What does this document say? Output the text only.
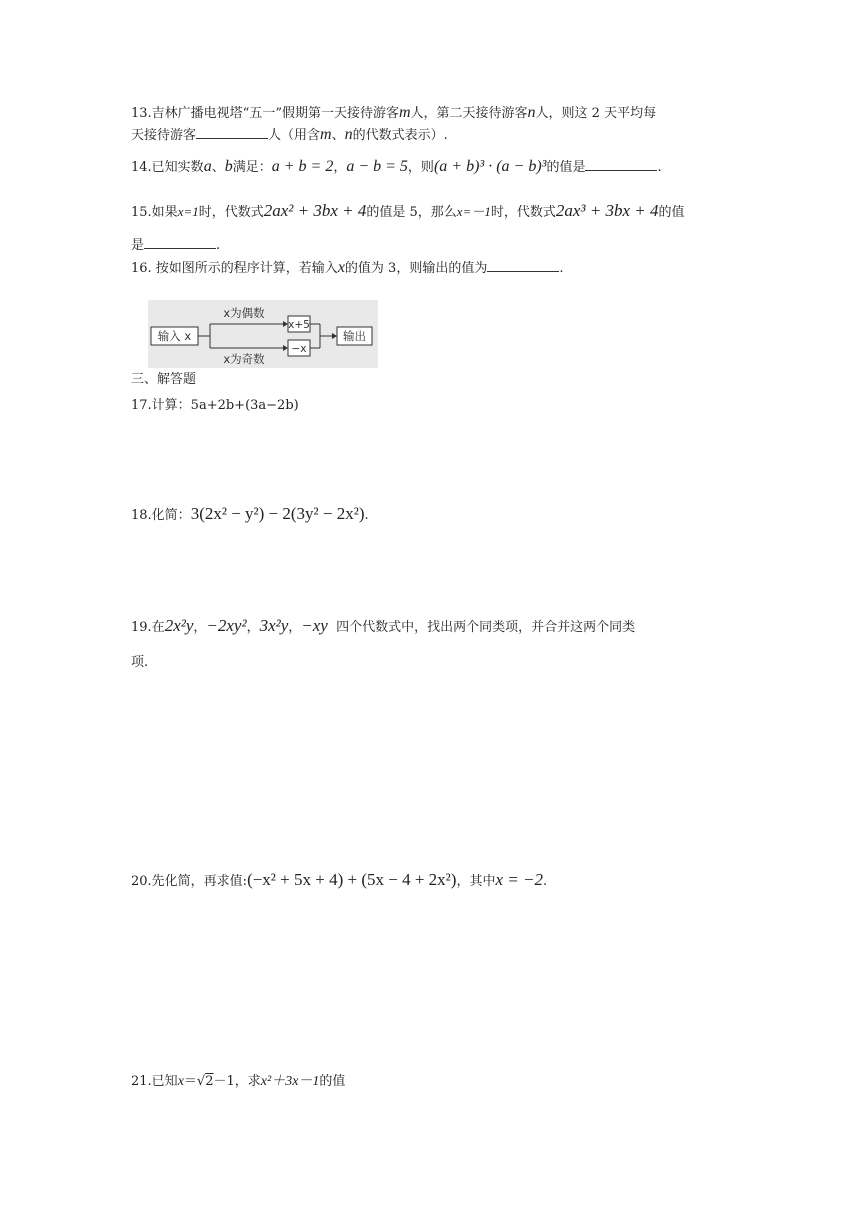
13.吉林广播电视塔“五一”假期第一天接待游客m人，第二天接待游客n人，则这 2 天平均每
天接待游客	人（用含m、n的代数式表示）.
14.已知实数a、b满足：a + b = 2，a − b = 5，则(a + b)³ · (a − b)³的值是	.
15.如果x=1时，代数式2ax² + 3bx + 4的值是 5，那么x=－1时，代数式2ax³ + 3bx + 4的值
是	.
16. 按如图所示的程序计算，若输入x的值为 3，则输出的值为	.
输入 x
x为偶数
x为奇数
x+5
−x
输出
三、解答题
17.计算：5a+2b+(3a−2b)
18.化简：3(2x² − y²) − 2(3y² − 2x²).
19.在2x²y，−2xy²，3x²y，−xy 四个代数式中，找出两个同类项，并合并这两个同类
项.
20.先化简，再求值:(−x² + 5x + 4) + (5x − 4 + 2x²)，其中x = −2.
21.已知x＝√2－1，求x²＋3x－1的值
